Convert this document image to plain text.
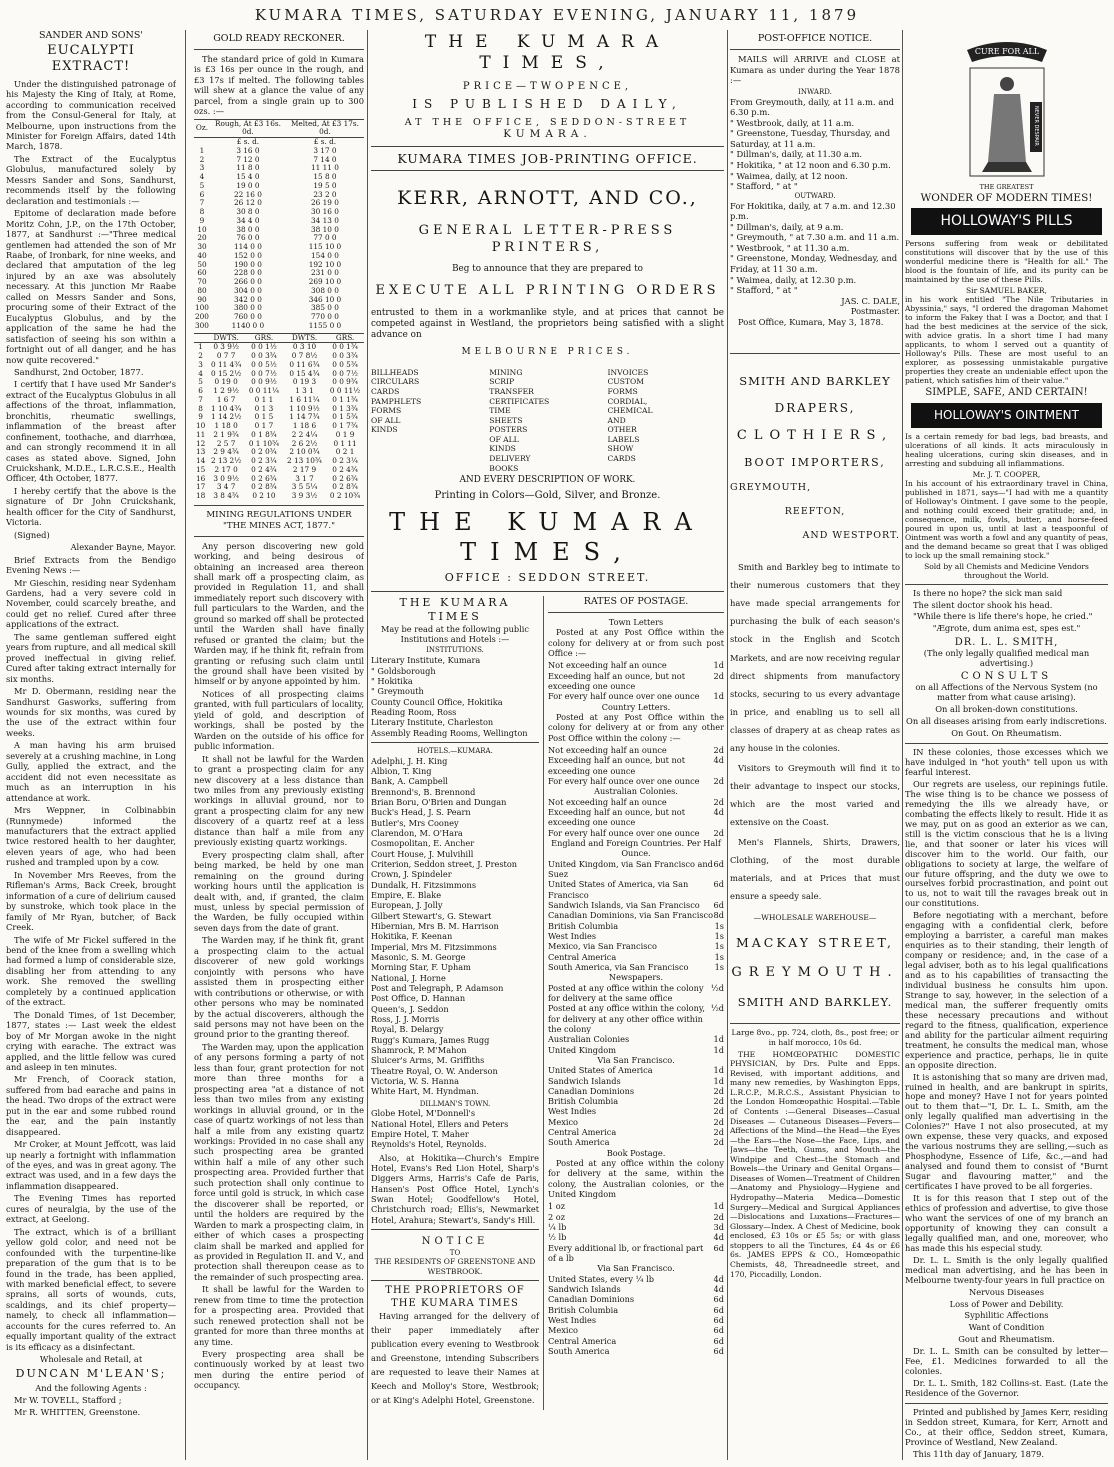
KUMARA TIMES, SATURDAY EVENING, JANUARY 11, 1879
SANDER AND SONS'
EUCALYPTI EXTRACT!

Under the distinguished patronage of his Majesty the King of Italy, at Rome, according to communication received from the Consul-General for Italy, at Melbourne, upon instructions from the Minister for Foreign Affairs, dated 14th March, 1878.

The Extract of the Eucalyptus Globulus, manufactured solely by Messrs Sander and Sons, Sandhurst, recommends itself by the following declaration and testimonials :—

Epitome of declaration made before Moritz Cohn, J.P., on the 17th October, 1877, at Sandhurst :—"Three medical gentlemen had attended the son of Mr Raabe, of Ironbark, for nine weeks, and declared that amputation of the leg injured by an axe was absolutely necessary. At this junction Mr Raabe called on Messrs Sander and Sons, procuring some of their Extract of the Eucalyptus Globulus, and by the application of the same he had the satisfaction of seeing his son within a fortnight out of all danger, and he has now quite recovered."

Sandhurst, 2nd October, 1877.

I certify that I have used Mr Sander's extract of the Eucalyptus Globulus in all affections of the throat, inflammation, bronchitis, rheumatic swellings, inflammation of the breast after confinement, toothache, and diarrhœa, and can strongly recommend it in all cases as stated above. Signed, John Cruickshank, M.D.E., L.R.C.S.E., Health Officer, 4th October, 1877.

I hereby certify that the above is the signature of Dr John Cruickshank, health officer for the City of Sandhurst, Victoria.

(Signed)

Alexander Bayne, Mayor.

Brief Extracts from the Bendigo Evening News :—

Mr Gieschin, residing near Sydenham Gardens, had a very severe cold in November, could scarcely breathe, and could get no relief. Cured after three applications of the extract.

The same gentleman suffered eight years from rupture, and all medical skill proved ineffectual in giving relief. Cured after taking extract internally for six months.

Mr D. Obermann, residing near the Sandhurst Gasworks, suffering from wounds for six months, was cured by the use of the extract within four weeks.

A man having his arm bruised severely at a crushing machine, in Long Gully, applied the extract, and the accident did not even necessitate as much as an interruption in his attendance at work.

Mrs Weppner, in Colbinabbin (Runnymede) informed the manufacturers that the extract applied twice restored health to her daughter, eleven years of age, who had been rushed and trampled upon by a cow.

In November Mrs Reeves, from the Rifleman's Arms, Back Creek, brought information of a cure of delirium caused by sunstroke, which took place in the family of Mr Ryan, butcher, of Back Creek.

The wife of Mr Fickel suffered in the bend of the knee from a swelling which had formed a lump of considerable size, disabling her from attending to any work. She removed the swelling completely by a continued application of the extract.

The Donald Times, of 1st December, 1877, states :— Last week the eldest boy of Mr Morgan awoke in the night crying with earache. The extract was applied, and the little fellow was cured and asleep in ten minutes.

Mr French, of Coorack station, suffered from bad earache and pains in the head. Two drops of the extract were put in the ear and some rubbed round the ear, and the pain instantly disappeared.

Mr Croker, at Mount Jeffcott, was laid up nearly a fortnight with inflammation of the eyes, and was in great agony. The extract was used, and in a few days the inflammation disappeared.

The Evening Times has reported cures of neuralgia, by the use of the extract, at Geelong.

The extract, which is of a brilliant yellow gold color, and need not be confounded with the turpentine-like preparation of the gum that is to be found in the trade, has been applied, with marked beneficial effect, to severe sprains, all sorts of wounds, cuts, scaldings, and its chief property—namely, to check all inflammation—accounts for the cures referred to. An equally important quality of the extract is its efficacy as a disinfectant.

Wholesale and Retail, at

DUNCAN M'LEAN'S;

And the following Agents :

Mr W. TOVELL, Stafford ;

Mr R. WHITTEN, Greenstone.

GOLD READY RECKONER.

The standard price of gold in Kumara is £3 16s per ounce in the rough, and £3 17s if melted. The following tables will shew at a glance the value of any parcel, from a single grain up to 300 ozs. :—

Oz.	Rough, At £3 16s. 0d.	Melted, At £3 17s. 0d.
	£ s. d.	£ s. d.
1	3 16 0	3 17 0
2	7 12 0	7 14 0
3	11 8 0	11 11 0
4	15 4 0	15 8 0
5	19 0 0	19 5 0
6	22 16 0	23 2 0
7	26 12 0	26 19 0
8	30 8 0	30 16 0
9	34 4 0	34 13 0
10	38 0 0	38 10 0
20	76 0 0	77 0 0
30	114 0 0	115 10 0
40	152 0 0	154 0 0
50	190 0 0	192 10 0
60	228 0 0	231 0 0
70	266 0 0	269 10 0
80	304 0 0	308 0 0
90	342 0 0	346 10 0
100	380 0 0	385 0 0
200	760 0 0	770 0 0
300	1140 0 0	1155 0 0
	DWTS.	GRS.	DWTS.	GRS.
1	0 3 9½	0 0 1½	0 3 10	0 0 1¾
2	0 7 7	0 0 3¾	0 7 8½	0 0 3¾
3	0 11 4¾	0 0 5½	0 11 6¾	0 0 5¾
4	0 15 2½	0 0 7½	0 15 4¾	0 0 7½
5	0 19 0	0 0 9½	0 19 3	0 0 9¾
6	1 2 9½	0 0 11¼	1 3 1	0 0 11½
7	1 6 7	0 1 1	1 6 11¼	0 1 1¾
8	1 10 4¾	0 1 3	1 10 9½	0 1 3¾
9	1 14 2½	0 1 5	1 14 7¾	0 1 5¾
10	1 18 0	0 1 7	1 18 6	0 1 7¾
11	2 1 9¾	0 1 8¾	2 2 4¼	0 1 9
12	2 5 7	0 1 10¾	2 6 2½	0 1 11
13	2 9 4¾	0 2 0¾	2 10 0¾	0 2 1
14	2 13 2½	0 2 3¼	2 13 10¾	0 2 3¼
15	2 17 0	0 2 4¾	2 17 9	0 2 4¾
16	3 0 9½	0 2 6¾	3 1 7	0 2 6¾
17	3 4 7	0 2 8¾	3 5 5¼	0 2 8¾
18	3 8 4¾	0 2 10	3 9 3½	0 2 10¾
MINING REGULATIONS UNDER "THE MINES ACT, 1877."

Any person discovering new gold working, and being desirous of obtaining an increased area thereon shall mark off a prospecting claim, as provided in Regulation 11, and shall immediately report such discovery with full particulars to the Warden, and the ground so marked off shall be protected until the Warden shall have finally refused or granted the claim; but the Warden may, if he think fit, refrain from granting or refusing such claim until the ground shall have been visited by himself or by anyone appointed by him.

Notices of all prospecting claims granted, with full particulars of locality, yield of gold, and description of workings, shall be posted by the Warden on the outside of his office for public information.

It shall not be lawful for the Warden to grant a prospecting claim for any new discovery at a less distance than two miles from any previously existing workings in alluvial ground, nor to grant a prospecting claim for any new discovery of a quartz reef at a less distance than half a mile from any previously existing quartz workings.

Every prospecting claim shall, after being marked, be held by one man remaining on the ground during working hours until the application is dealt with, and, if granted, the claim must, unless by special permission of the Warden, be fully occupied within seven days from the date of grant.

The Warden may, if he think fit, grant a prospecting claim to the actual discoverer of new gold workings conjointly with persons who have assisted them in prospecting either with contributions or otherwise, or with other persons who may be nominated by the actual discoverers, although the said persons may not have been on the ground prior to the granting thereof.

The Warden may, upon the application of any persons forming a party of not less than four, grant protection for not more than three months for a prospecting area "at a distance of not less than two miles from any existing workings in alluvial ground, or in the case of quartz workings of not less than half a mile from any existing quartz workings: Provided in no case shall any such prospecting area be granted within half a mile of any other such prospecting area. Provided further that such protection shall only continue to force until gold is struck, in which case the discoverer shall be reported, or until the holders are required by the Warden to mark a prospecting claim, in either of which cases a prospecting claim shall be marked and applied for as provided in Regulation II. and V., and protection shall thereupon cease as to the remainder of such prospecting area.

It shall be lawful for the Warden to renew from time to time the protection for a prospecting area. Provided that such renewed protection shall not be granted for more than three months at any time.

Every prospecting area shall be continuously worked by at least two men during the entire period of occupancy.

THE KUMARA TIMES,
PRICE—TWOPENCE,
IS PUBLISHED DAILY,
AT THE OFFICE, SEDDON-STREET
KUMARA.
KUMARA TIMES JOB-PRINTING OFFICE.
KERR, ARNOTT, AND CO.,
GENERAL LETTER-PRESS PRINTERS,
Beg to announce that they are prepared to
EXECUTE ALL PRINTING ORDERS

entrusted to them in a workmanlike style, and at prices that cannot be competed against in Westland, the proprietors being satisfied with a slight advance on

MELBOURNE PRICES.
BILLHEADS
CIRCULARS
CARDS
PAMPHLETS
FORMS OF ALL KINDS
MINING SCRIP
TRANSFER CERTIFICATES
TIME SHEETS
POSTERS OF ALL KINDS
DELIVERY BOOKS
INVOICES
CUSTOM FORMS
CORDIAL, CHEMICAL
AND OTHER LABELS
SHOW CARDS
AND EVERY DESCRIPTION OF WORK.
Printing in Colors—Gold, Silver, and Bronze.
THE KUMARA TIMES,
OFFICE : SEDDON STREET.
THE KUMARA TIMES

May be read at the following public Institutions and Hotels :—

INSTITUTIONS.
Literary Institute, Kumara
" Goldsborough
" Hokitika
" Greymouth
County Council Office, Hokitika
Reading Room, Ross
Literary Institute, Charleston
Assembly Reading Rooms, Wellington
HOTELS.—KUMARA.
Adelphi, J. H. King
Albion, T. King
Bank, A. Campbell
Brennond's, B. Brennond
Brian Boru, O'Brien and Dungan
Buck's Head, J. S. Pearn
Butler's, Mrs Cooney
Clarendon, M. O'Hara
Cosmopolitan, E. Ancher
Court House, J. Mulvihill
Criterion, Seddon street, J. Preston
Crown, J. Spindeler
Dundalk, H. Fitzsimmons
Empire, E. Blake
European, J. Jolly
Gilbert Stewart's, G. Stewart
Hibernian, Mrs B. M. Harrison
Hokitika, F. Keenan
Imperial, Mrs M. Fitzsimmons
Masonic, S. M. George
Morning Star, F. Upham
National, J. Horne
Post and Telegraph, P. Adamson
Post Office, D. Hannan
Queen's, J. Seddon
Ross, J. J. Morris
Royal, B. Delargy
Rugg's Kumara, James Rugg
Shamrock, P. M'Mahon
Sluicer's Arms, M. Griffiths
Theatre Royal, O. W. Anderson
Victoria, W. S. Hanna
White Hart, M. Hyndman.
DILLMAN'S TOWN.
Globe Hotel, M'Donnell's
National Hotel, Ellers and Peters
Empire Hotel, T. Maher
Reynolds's Hotel, Reynolds.

Also, at Hokitika—Church's Empire Hotel, Evans's Red Lion Hotel, Sharp's Diggers Arms, Harris's Cafe de Paris, Hansen's Post Office Hotel, Lynch's Swan Hotel; Goodfellow's Hotel, Christchurch road; Ellis's, Newmarket Hotel, Arahura; Stewart's, Sandy's Hill.

NOTICE
TO
THE RESIDENTS OF GREENSTONE AND WESTBROOK.
THE PROPRIETORS OF THE KUMARA TIMES

Having arranged for the delivery of their paper immediately after publication every evening to Westbrook and Greenstone, intending Subscribers are requested to leave their Names at Keech and Molloy's Store, Westbrook; or at King's Adelphi Hotel, Greenstone.

RATES OF POSTAGE.
Town Letters

Posted at any Post Office within the colony for delivery at or from such post Office :—

Not exceeding half an ounce	1d
Exceeding half an ounce, but not exceeding one ounce
2d
For every half ounce over one ounce 1d
Country Letters.

Posted at any Post Office within the colony for delivery at or from any other Post Office within the colony :—

Not exceeding half an ounce	2d
Exceeding half an ounce, but not exceeding one ounce
4d
For every half ounce over one ounce 2d
Australian Colonies.
Not exceeding half an ounce	2d
Exceeding half an ounce, but not exceeding one ounce
4d
For every half ounce over one ounce 2d
England and Foreign Countries. Per Half Ounce.
United Kingdom, via San Francisco and Suez
6d
United States of America, via San Francisco
6d
Sandwich Islands, via San Francisco 6d
Canadian Dominions, via San Francisco 8d
British Columbia	1s
West Indies	1s
Mexico, via San Francisco	1s
Central America	1s
South America, via San Francisco	1s
Newspapers.
Posted at any office within the colony for delivery at the same office
½d
Posted at any office within the colony, for delivery at any other office within the colony
½d
Australian Colonies	1d
United Kingdom	1d
Via San Francisco.
United States of America	1d
Sandwich Islands	1d
Canadian Dominions	2d
British Columbia	2d
West Indies	2d
Mexico	2d
Central America	2d
South America	2d
Book Postage.

Posted at any office within the colony for delivery at the same, within the colony, the Australian colonies, or the United Kingdom

1 oz	1d
2 oz	2d
¼ lb	3d
½ lb	4d
Every additional lb, or fractional part of a lb
6d
Via San Francisco.
United States, every ¼ lb	4d
Sandwich Islands	4d
Canadian Dominions	6d
British Columbia	6d
West Indies	6d
Mexico	6d
Central America	6d
South America	6d
POST-OFFICE NOTICE.

MAILS will ARRIVE and CLOSE at Kumara as under during the Year 1878 :—

INWARD.
From Greymouth, daily, at 11 a.m. and 6.30 p.m.
" Westbrook, daily, at 11 a.m.
" Greenstone, Tuesday, Thursday, and Saturday, at 11 a.m.
" Dillman's, daily, at 11.30 a.m.
" Hokitika, " at 12 noon and 6.30 p.m.
" Waimea, daily, at 12 noon.
" Stafford, " at "
OUTWARD.
For Hokitika, daily, at 7 a.m. and 12.30 p.m.
" Dillman's, daily, at 9 a.m.
" Greymouth, " at 7.30 a.m. and 11 a.m.
" Westbrook, " at 11.30 a.m.
" Greenstone, Monday, Wednesday, and Friday, at 11 30 a.m.
" Waimea, daily, at 12.30 p.m.
" Stafford, " at "
JAS. C. DALE,
Postmaster.

Post Office, Kumara, May 3, 1878.

SMITH AND BARKLEY
DRAPERS,
CLOTHIERS,
BOOT IMPORTERS,
GREYMOUTH,
REEFTON,
AND WESTPORT.

Smith and Barkley beg to intimate to their numerous customers that they have made special arrangements for purchasing the bulk of each season's stock in the English and Scotch Markets, and are now receiving regular direct shipments from manufactory stocks, securing to us every advantage in price, and enabling us to sell all classes of drapery at as cheap rates as any house in the colonies.

Visitors to Greymouth will find it to their advantage to inspect our stocks, which are the most varied and extensive on the Coast.

Men's Flannels, Shirts, Drawers, Clothing, of the most durable materials, and at Prices that must ensure a speedy sale.

—WHOLESALE WAREHOUSE—
MACKAY STREET,
GREYMOUTH.
SMITH AND BARKLEY.

Large 8vo., pp. 724, cloth, 8s., post free; or in half morocco, 10s 6d.

THE HOMŒOPATHIC DOMESTIC PHYSICIAN, by Drs. Pulte and Epps. Revised, with important additions, and many new remedies, by Washington Epps, L.R.C.P., M.R.C.S., Assistant Physician to the London Homœopathic Hospital.—Table of Contents :—General Diseases—Casual Diseases — Cutaneous Diseases—Fevers—Affections of the Mind—the Head—the Eyes—the Ears—the Nose—the Face, Lips, and Jaws—the Teeth, Gums, and Mouth—the Windpipe and Chest—the Stomach and Bowels—the Urinary and Genital Organs—Diseases of Women—Treatment of Children—Anatomy and Physiology—Hygiene and Hydropathy—Materia Medica—Domestic Surgery—Medical and Surgical Appliances—Dislocations and Luxations—Fractures—Glossary—Index. A Chest of Medicine, book enclosed, £3 10s or £5 5s; or with glass stoppers to all the Tinctures, £4 4s or £6 6s. JAMES EPPS & CO., Homœopathic Chemists, 48, Threadneedle street, and 170, Piccadilly, London.

CURE FOR ALL
NEVER DESPAIR
THE GREATEST
WONDER OF MODERN TIMES!
HOLLOWAY'S PILLS

Persons suffering from weak or debilitated constitutions will discover that by the use of this wonderful medicine there is "Health for all." The blood is the fountain of life, and its purity can be maintained by the use of these Pills.

Sir SAMUEL BAKER,

in his work entitled "The Nile Tributaries in Abyssinia," says, "I ordered the dragoman Mahomet to inform the Fakey that I was a Doctor, and that I had the best medicines at the service of the sick, with advice gratis. In a short time I had many applicants, to whom I served out a quantity of Holloway's Pills. These are most useful to an explorer, as possessing unmistakable purgative properties they create an undeniable effect upon the patient, which satisfies him of their value."

SIMPLE, SAFE, AND CERTAIN!
HOLLOWAY'S OINTMENT

Is a certain remedy for bad legs, bad breasts, and ulcerations of all kinds. It acts miraculously in healing ulcerations, curing skin diseases, and in arresting and subduing all inflammations.

Mr. J. T. COOPER,

In his account of his extraordinary travel in China, published in 1871, says—"I had with me a quantity of Holloway's Ointment. I gave some to the people, and nothing could exceed their gratitude; and, in consequence, milk, fowls, butter, and horse-feed poured in upon us, until at last a teaspoonful of Ointment was worth a fowl and any quantity of peas, and the demand became so great that I was obliged to lock up the small remaining stock."

Sold by all Chemists and Medicine Vendors throughout the World.

Is there no hope? the sick man said

The silent doctor shook his head.

"While there is life there's hope, he cried."

"Ægrote, dum anima est, spes est."

DR. L. L. SMITH,

(The only legally qualified medical man advertising.)

CONSULTS

on all Affections of the Nervous System (no matter from what cause arising).

On all broken-down constitutions.

On all diseases arising from early indiscretions.

On Gout. On Rheumatism.

IN these colonies, those excesses which we have indulged in "hot youth" tell upon us with fearful interest.

Our regrets are useless, our repinings futile. The wise thing is to be chance we possess of remedying the ills we already have, or combating the effects likely to result. Hide it as we may, put on as good an exterior as we can, still is the victim conscious that he is a living lie, and that sooner or later his vices will discover him to the world. Our faith, our obligations to society at large, the welfare of our future offspring, and the duty we owe to ourselves forbid procrastination, and point out to us, not to wait till the ravages break out in our constitutions.

Before negotiating with a merchant, before engaging with a confidential clerk, before employing a barrister, a careful man makes enquiries as to their standing, their length of company or residence; and, in the case of a legal adviser, both as to his legal qualifications and as to his capabilities of transacting the individual business he consults him upon. Strange to say, however, in the selection of a medical man, the sufferer frequently omits these necessary precautions and without regard to the fitness, qualification, experience and ability for the particular ailment requiring treatment, he consults the medical man, whose experience and practice, perhaps, lie in quite an opposite direction.

It is astonishing that so many are driven mad, ruined in health, and are bankrupt in spirits, hope and money? Have I not for years pointed out to them that—"I, Dr. L. L. Smith, am the only legally qualified man advertising in the Colonies?" Have I not also prosecuted, at my own expense, these very quacks, and exposed the various nostrums they are selling,—such as Phosphodyne, Essence of Life, &c.,—and had analysed and found them to consist of "Burnt Sugar and flavouring matter," and the certificates I have proved to be all forgeries.

It is for this reason that I step out of the ethics of profession and advertise, to give those who want the services of one of my branch an opportunity of knowing they can consult a legally qualified man, and one, moreover, who has made this his especial study.

Dr. L. L. Smith is the only legally qualified medical man advertising, and he has been in Melbourne twenty-four years in full practice on

Nervous Diseases

Loss of Power and Debility.

Syphilitic Affections

Want of Condition

Gout and Rheumatism.

Dr. L. L. Smith can be consulted by letter—Fee, £1. Medicines forwarded to all the colonies.

Dr. L. L. Smith, 182 Collins-st. East. (Late the Residence of the Governor.

Printed and published by James Kerr, residing in Seddon street, Kumara, for Kerr, Arnott and Co., at their office, Seddon street, Kumara, Province of Westland, New Zealand.

This 11th day of January, 1879.
